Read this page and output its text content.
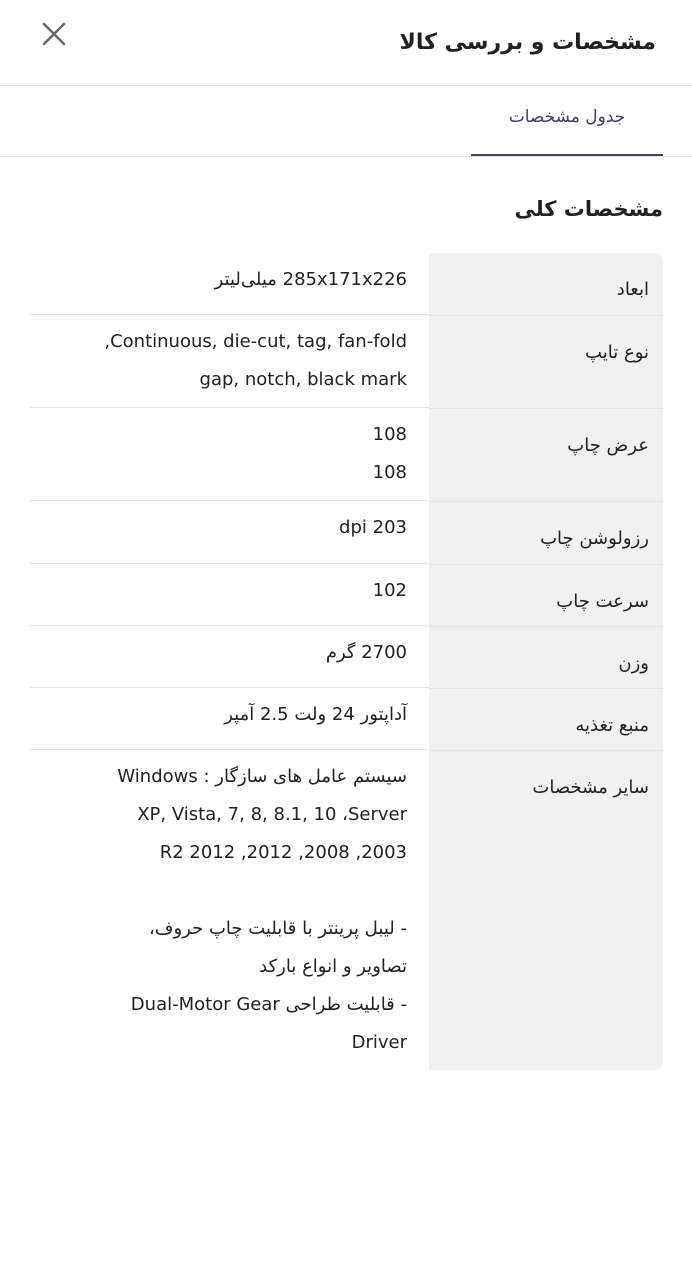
مشخصات و بررسی کالا
جدول مشخصات
مشخصات کلی
ابعاد
285x171x226 میلی‌لیتر
نوع تایپ
Continuous, die-cut, tag, fan-fold,
gap, notch, black mark
عرض چاپ
108
108
رزولوشن چاپ
203 dpi
سرعت چاپ
102
وزن
2700 گرم
منبع تغذیه
آداپتور 24 ولت 2.5 آمپر
سایر مشخصات
سیستم عامل های سازگار : Windows
XP, Vista, 7, 8, 8.1, 10 ،Server
2003, 2008, 2012, 2012 R2

- لیبل پرینتر با قابلیت چاپ حروف،
تصاویر و انواع بارکد
- قابلیت طراحی Dual-Motor Gear
Driver
